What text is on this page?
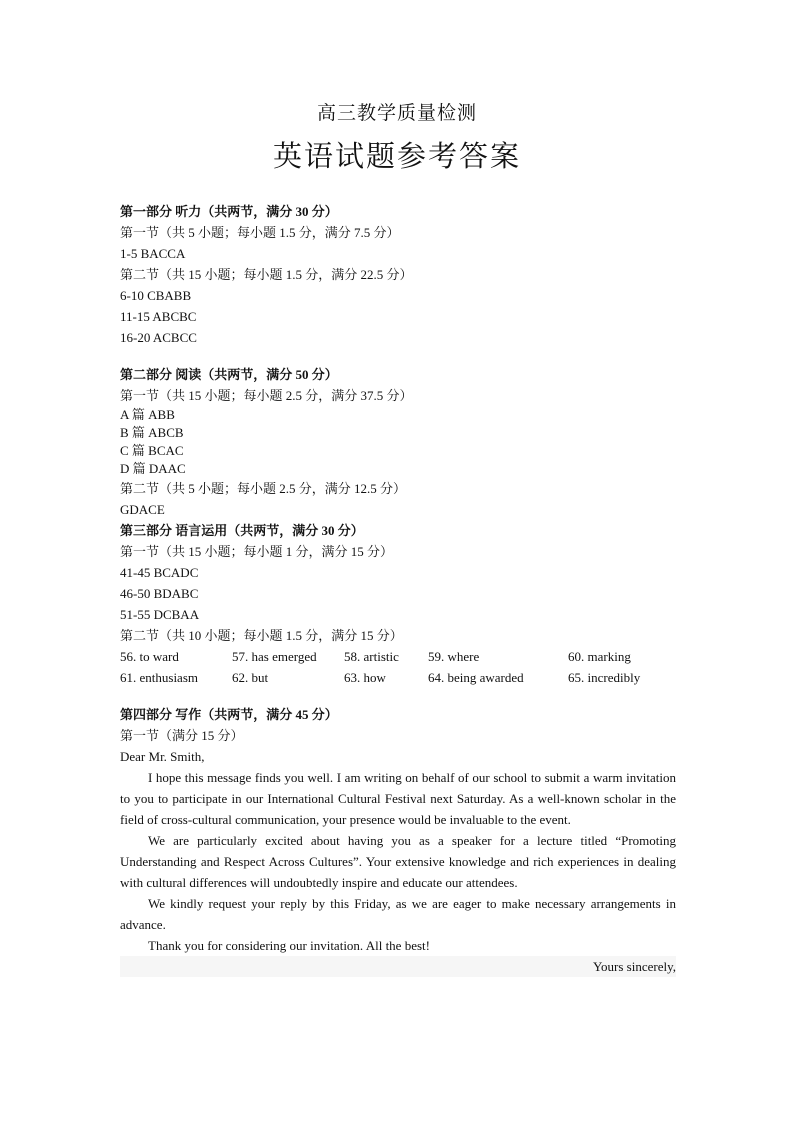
高三教学质量检测
英语试题参考答案
第一部分 听力（共两节，满分 30 分）
第一节（共 5 小题；每小题 1.5 分，满分 7.5 分）
1-5 BACCA
第二节（共 15 小题；每小题 1.5 分，满分 22.5 分）
6-10 CBABB
11-15 ABCBC
16-20 ACBCC
第二部分 阅读（共两节，满分 50 分）
第一节（共 15 小题；每小题 2.5 分，满分 37.5 分）
A 篇 ABB
B 篇 ABCB
C 篇 BCAC
D 篇 DAAC
第二节（共 5 小题；每小题 2.5 分，满分 12.5 分）
GDACE
第三部分 语言运用（共两节，满分 30 分）
第一节（共 15 小题；每小题 1 分，满分 15 分）
41-45 BCADC
46-50 BDABC
51-55 DCBAA
第二节（共 10 小题；每小题 1.5 分，满分 15 分）
56. to ward	57. has emerged 58. artistic 59. where	60. marking
61. enthusiasm	62. but	63. how	64. being awarded	65. incredibly
第四部分 写作（共两节，满分 45 分）
第一节（满分 15 分）
Dear Mr. Smith,

I hope this message finds you well. I am writing on behalf of our school to submit a warm invitation to you to participate in our International Cultural Festival next Saturday. As a well-known scholar in the field of cross-cultural communication, your presence would be invaluable to the event.

We are particularly excited about having you as a speaker for a lecture titled “Promoting Understanding and Respect Across Cultures”. Your extensive knowledge and rich experiences in dealing with cultural differences will undoubtedly inspire and educate our attendees.

We kindly request your reply by this Friday, as we are eager to make necessary arrangements in advance.

Thank you for considering our invitation. All the best!

Yours sincerely,
